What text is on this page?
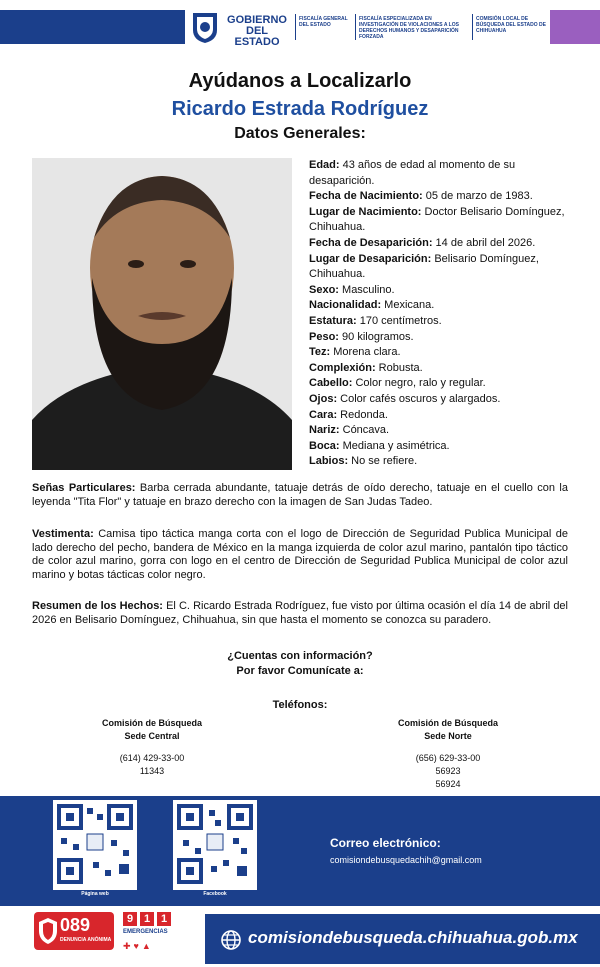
GOBIERNO DEL ESTADO
FISCALÍA GENERAL DEL ESTADO
FISCALÍA ESPECIALIZADA EN INVESTIGACIÓN DE VIOLACIONES A LOS DERECHOS HUMANOS Y DESAPARICIÓN FORZADA
COMISIÓN LOCAL DE BÚSQUEDA DEL ESTADO DE CHIHUAHUA
Ayúdanos a Localizarlo
Ricardo Estrada Rodríguez
Datos Generales:
Edad: 43 años de edad al momento de su desaparición.
Fecha de Nacimiento: 05 de marzo de 1983.
Lugar de Nacimiento: Doctor Belisario Domínguez, Chihuahua.
Fecha de Desaparición: 14 de abril del 2026.
Lugar de Desaparición: Belisario Domínguez, Chihuahua.
Sexo: Masculino.
Nacionalidad: Mexicana.
Estatura: 170 centímetros.
Peso: 90 kilogramos.
Tez: Morena clara.
Complexión: Robusta.
Cabello: Color negro, ralo y regular.
Ojos: Color cafés oscuros y alargados.
Cara: Redonda.
Nariz: Cóncava.
Boca: Mediana y asimétrica.
Labios: No se refiere.
Señas Particulares: Barba cerrada abundante, tatuaje detrás de oído derecho, tatuaje en el cuello con la leyenda "Tita Flor" y tatuaje en brazo derecho con la imagen de San Judas Tadeo.
Vestimenta: Camisa tipo táctica manga corta con el logo de Dirección de Seguridad Publica Municipal de lado derecho del pecho, bandera de México en la manga izquierda de color azul marino, pantalón tipo táctico de color azul marino, gorra con logo en el centro de Dirección de Seguridad Publica Municipal de color azul marino y botas tácticas color negro.
Resumen de los Hechos: El C. Ricardo Estrada Rodríguez, fue visto por última ocasión el día 14 de abril del 2026 en Belisario Domínguez, Chihuahua, sin que hasta el momento se conozca su paradero.
¿Cuentas con información?
Por favor Comunícate a:
Teléfonos:
Comisión de Búsqueda
Sede Central
(614) 429-33-00
11343
Comisión de Búsqueda
Sede Norte
(656) 629-33-00
56923
56924
Página web	Facebook
Correo electrónico:
comisiondebusquedachih@gmail.com
089
DENUNCIA ANÓNIMA
9 1 1
EMERGENCIAS
✚♥▲	comisiondebusqueda.chihuahua.gob.mx
